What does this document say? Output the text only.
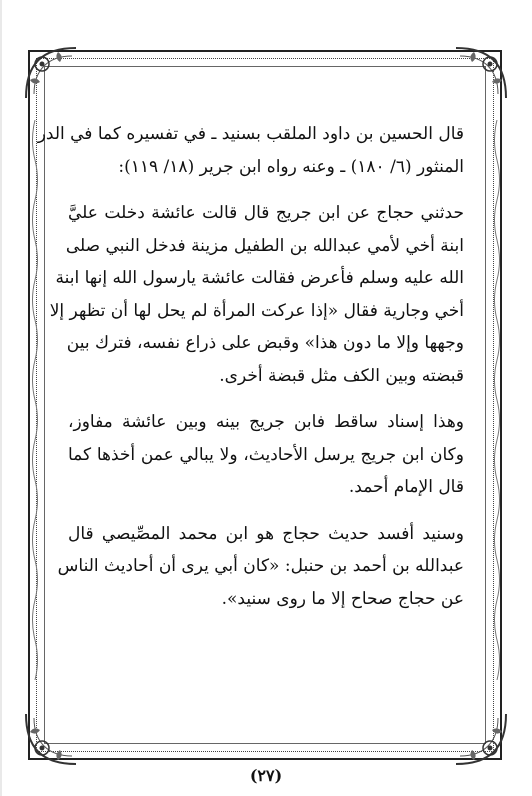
قال الحسين بن داود الملقب بسنيد ـ في تفسيره كما في الدر
المنثور (٦/ ١٨٠) ـ وعنه رواه ابن جرير (١٨/ ١١٩):
حدثني حجاج عن ابن جريج قال قالت عائشة دخلت عليَّ
ابنة أخي لأمي عبدالله بن الطفيل مزينة فدخل النبي صلى
الله عليه وسلم فأعرض فقالت عائشة يارسول الله إنها ابنة
أخي وجارية فقال «إذا عركت المرأة لم يحل لها أن تظهر إلا
وجهها وإلا ما دون هذا» وقبض على ذراع نفسه، فترك بين
قبضته وبين الكف مثل قبضة أخرى.
وهذا إسناد ساقط فابن جريج بينه وبين عائشة مفاوز،
وكان ابن جريج يرسل الأحاديث، ولا يبالي عمن أخذها كما
قال الإمام أحمد.
وسنيد أفسد حديث حجاج هو ابن محمد المصِّيصي قال
عبدالله بن أحمد بن حنبل: «كان أبي يرى أن أحاديث الناس
عن حجاج صحاح إلا ما روى سنيد».
(٢٧)
